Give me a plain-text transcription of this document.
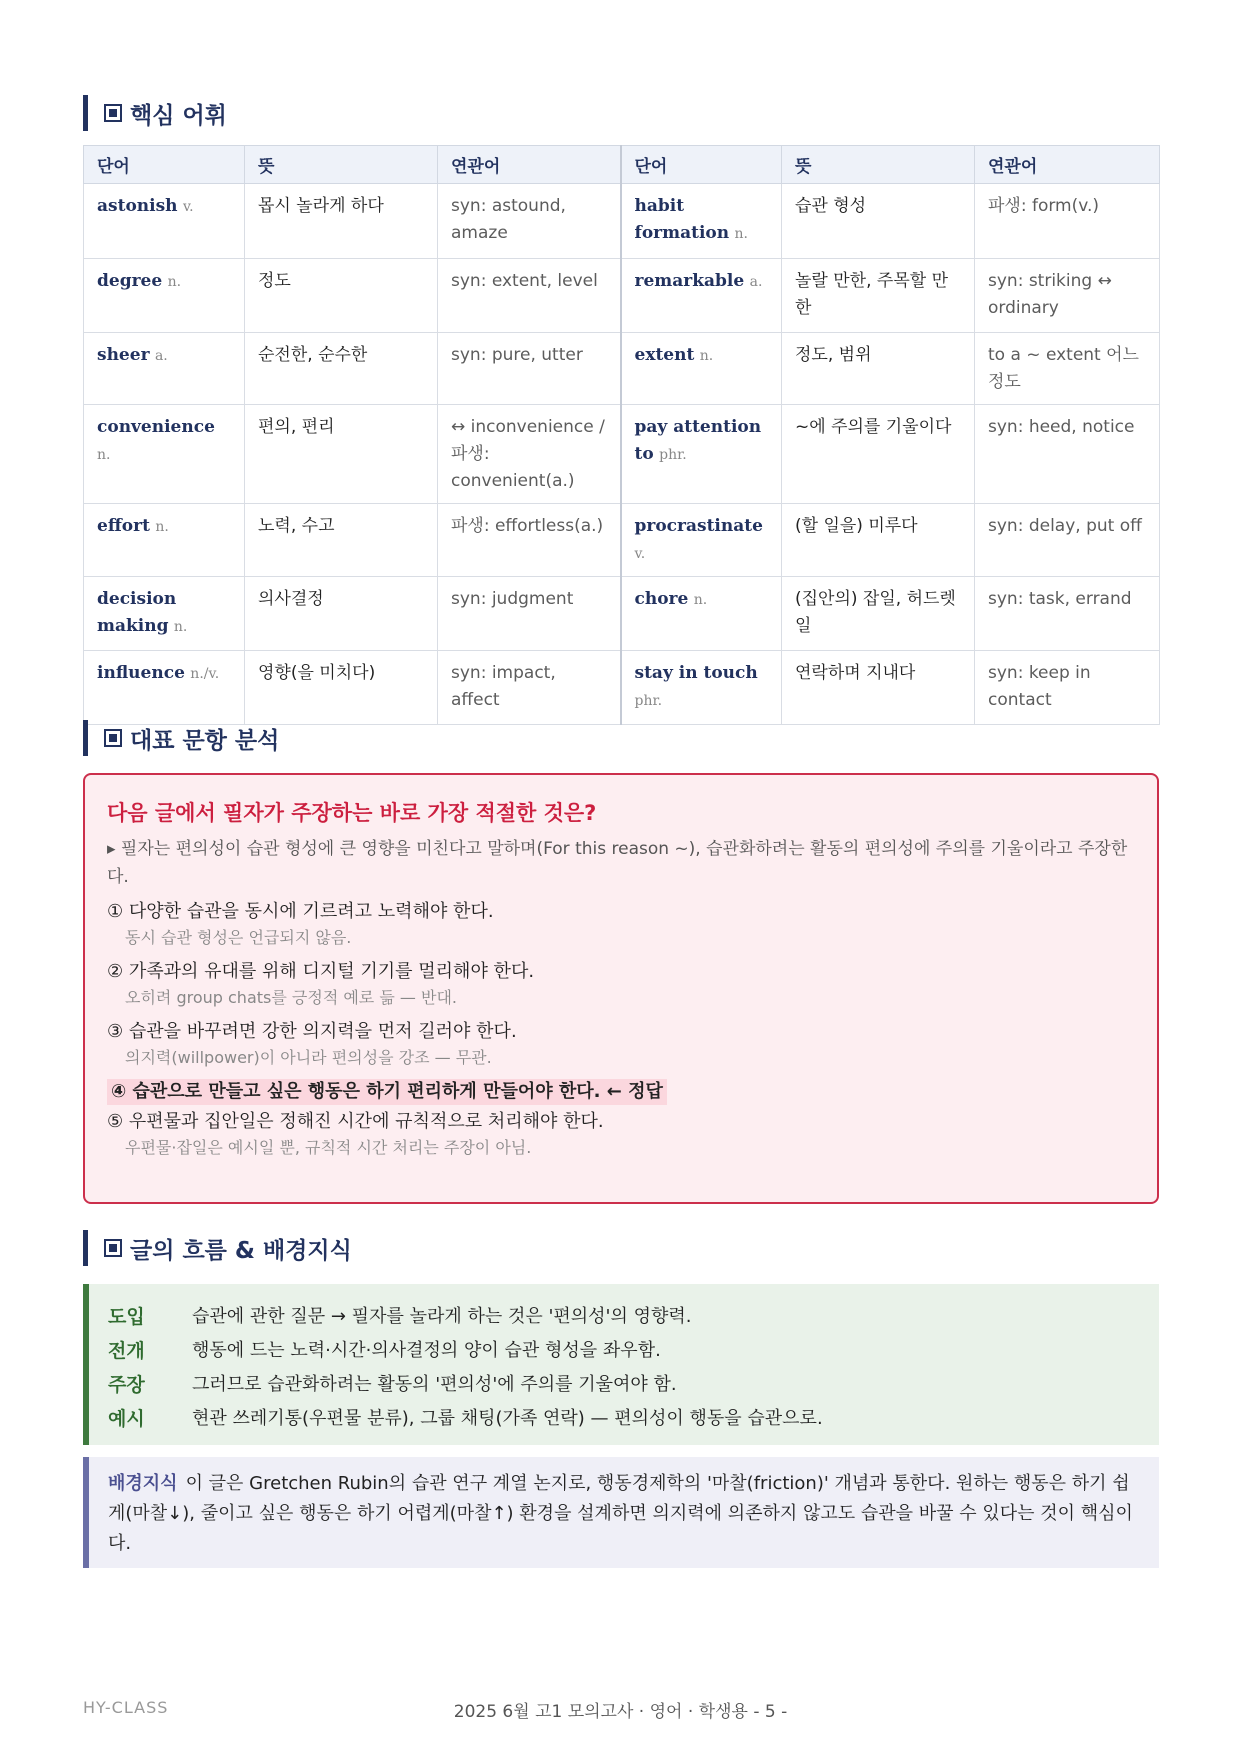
핵심 어휘
단어	뜻	연관어	단어	뜻	연관어
astonish v.	몹시 놀라게 하다	syn: astound, amaze	habit formation n.	습관 형성	파생: form(v.)
degree n.	정도	syn: extent, level	remarkable a.	놀랄 만한, 주목할 만한	syn: striking ↔ ordinary
sheer a.	순전한, 순수한	syn: pure, utter	extent n.	정도, 범위	to a ~ extent 어느 정도
convenience n.	편의, 편리	↔ inconvenience / 파생: convenient(a.)	pay attention to phr.	~에 주의를 기울이다	syn: heed, notice
effort n.	노력, 수고	파생: effortless(a.)	procrastinate v.	(할 일을) 미루다	syn: delay, put off
decision making n.	의사결정	syn: judgment	chore n.	(집안의) 잡일, 허드렛일	syn: task, errand
influence n./v.	영향(을 미치다)	syn: impact, affect	stay in touch phr.	연락하며 지내다	syn: keep in contact
대표 문항 분석
다음 글에서 필자가 주장하는 바로 가장 적절한 것은?
▸ 필자는 편의성이 습관 형성에 큰 영향을 미친다고 말하며(For this reason ~), 습관화하려는 활동의 편의성에 주의를 기울이라고 주장한다.
① 다양한 습관을 동시에 기르려고 노력해야 한다.
동시 습관 형성은 언급되지 않음.
② 가족과의 유대를 위해 디지털 기기를 멀리해야 한다.
오히려 group chats를 긍정적 예로 듦 — 반대.
③ 습관을 바꾸려면 강한 의지력을 먼저 길러야 한다.
의지력(willpower)이 아니라 편의성을 강조 — 무관.
④ 습관으로 만들고 싶은 행동은 하기 편리하게 만들어야 한다. ← 정답
⑤ 우편물과 집안일은 정해진 시간에 규칙적으로 처리해야 한다.
우편물·잡일은 예시일 뿐, 규칙적 시간 처리는 주장이 아님.
글의 흐름 & 배경지식
도입	습관에 관한 질문 → 필자를 놀라게 하는 것은 '편의성'의 영향력.
전개	행동에 드는 노력·시간·의사결정의 양이 습관 형성을 좌우함.
주장	그러므로 습관화하려는 활동의 '편의성'에 주의를 기울여야 함.
예시	현관 쓰레기통(우편물 분류), 그룹 채팅(가족 연락) — 편의성이 행동을 습관으로.
배경지식 이 글은 Gretchen Rubin의 습관 연구 계열 논지로, 행동경제학의 '마찰(friction)' 개념과 통한다. 원하는 행동은 하기 쉽게(마찰↓), 줄이고 싶은 행동은 하기 어렵게(마찰↑) 환경을 설계하면 의지력에 의존하지 않고도 습관을 바꿀 수 있다는 것이 핵심이다.
HY-CLASS	2025 6월 고1 모의고사 · 영어 · 학생용 - 5 -
